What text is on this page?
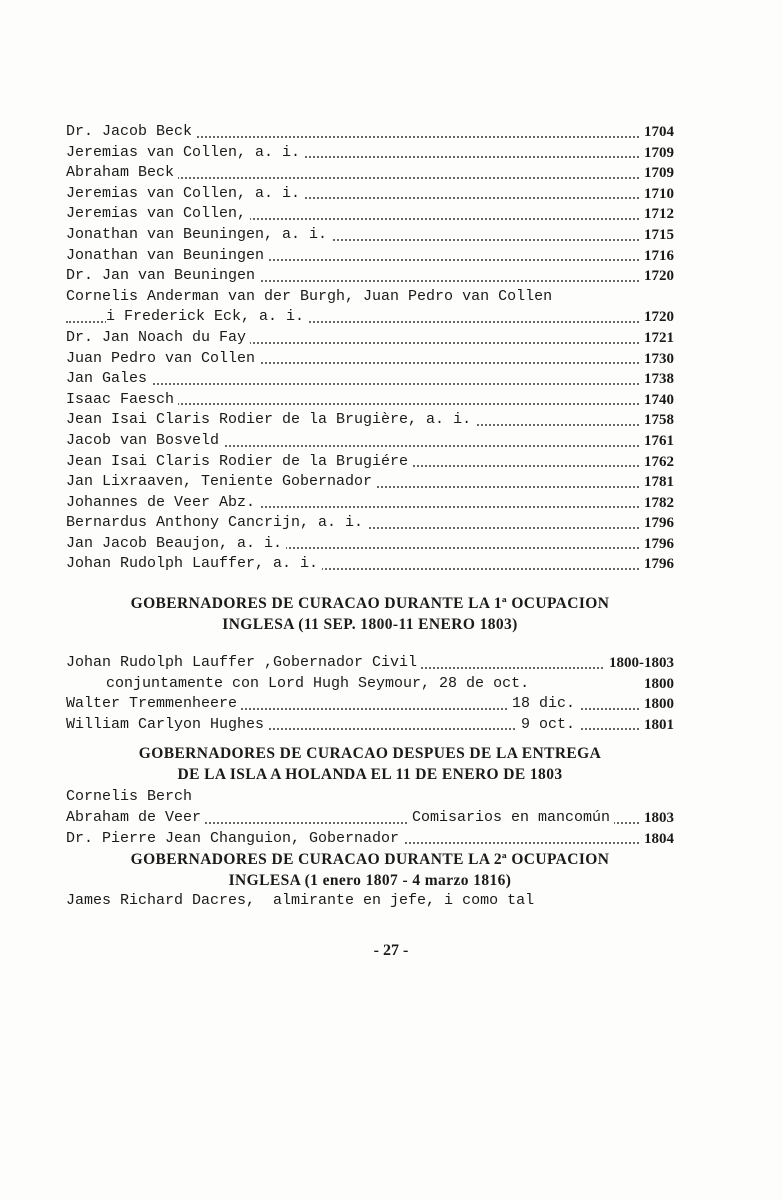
Dr. Jacob Beck	1704
Jeremias van Collen, a. i.	1709
Abraham Beck	1709
Jeremias van Collen, a. i.	1710
Jeremias van Collen,	1712
Jonathan van Beuningen, a. i.	1715
Jonathan van Beuningen	1716
Dr. Jan van Beuningen	1720
Cornelis Anderman van der Burgh, Juan Pedro van Collen
i Frederick Eck, a. i.	1720
Dr. Jan Noach du Fay	1721
Juan Pedro van Collen	1730
Jan Gales	1738
Isaac Faesch	1740
Jean Isai Claris Rodier de la Brugière, a. i.	1758
Jacob van Bosveld	1761
Jean Isai Claris Rodier de la Brugiére	1762
Jan Lixraaven, Teniente Gobernador	1781
Johannes de Veer Abz.	1782
Bernardus Anthony Cancrijn, a. i.	1796
Jan Jacob Beaujon, a. i.	1796
Johan Rudolph Lauffer, a. i.	1796
GOBERNADORES DE CURACAO DURANTE LA 1ª OCUPACION
INGLESA (11 SEP. 1800-11 ENERO 1803)
Johan Rudolph Lauffer ,Gobernador Civil	1800-1803
conjuntamente con Lord Hugh Seymour, 28 de oct.	1800
Walter Tremmenheere	18 dic.	1800
William Carlyon Hughes	9 oct.	1801
GOBERNADORES DE CURACAO DESPUES DE LA ENTREGA
DE LA ISLA A HOLANDA EL 11 DE ENERO DE 1803
Cornelis Berch
Abraham de Veer	Comisarios en mancomún 1803
Dr. Pierre Jean Changuion, Gobernador	1804
GOBERNADORES DE CURACAO DURANTE LA 2ª OCUPACION
INGLESA (1 enero 1807 - 4 marzo 1816)
James Richard Dacres,  almirante en jefe, i como tal
- 27 -
